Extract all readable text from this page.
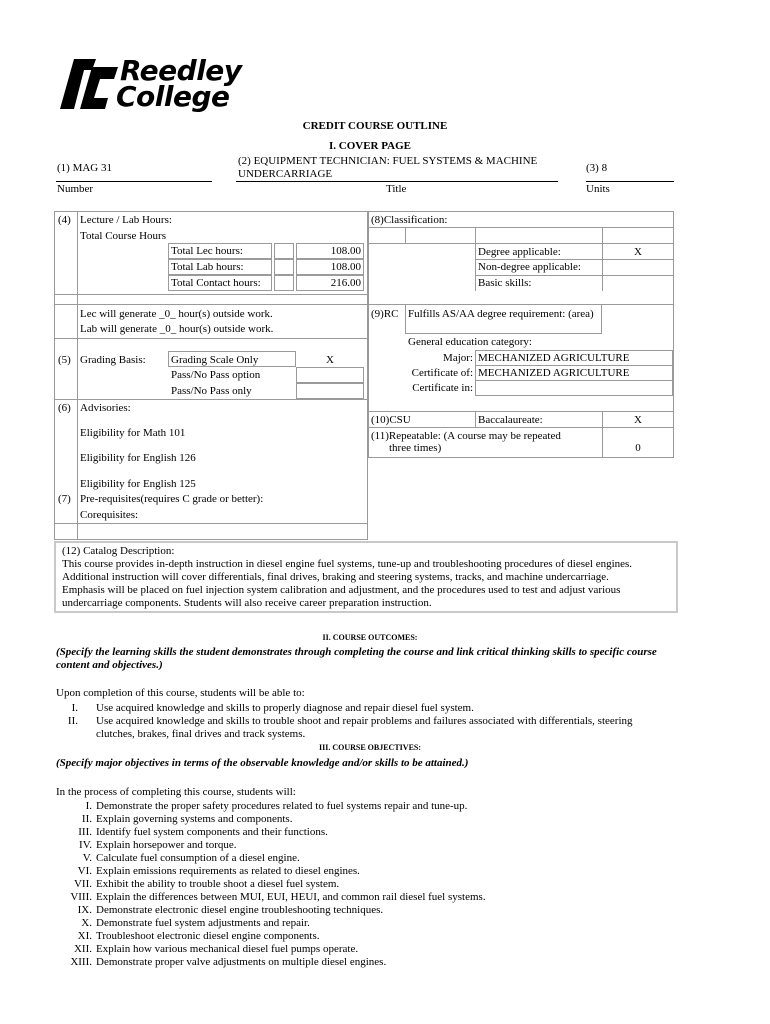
Reedley
College
CREDIT COURSE OUTLINE
I. COVER PAGE
(1) MAG 31
(2) EQUIPMENT TECHNICIAN: FUEL SYSTEMS & MACHINE
UNDERCARRIAGE	(3) 8
Number	Title	Units
(4) Lecture / Lab Hours:
Total Course Hours
Total Lec hours:	108.00
Total Lab hours:	108.00
Total Contact hours:	216.00
Lec will generate _0_ hour(s) outside work.
Lab will generate _0_ hour(s) outside work.
(5) Grading Basis: Grading Scale Only	X
Pass/No Pass option
Pass/No Pass only
(6) Advisories:
Eligibility for Math 101
Eligibility for English 126
Eligibility for English 125
(7) Pre-requisites(requires C grade or better):
Corequisites:
(8)Classification:
Degree applicable:	X
Non-degree applicable:
Basic skills:
(9)RC Fulfills AS/AA degree requirement: (area)
General education category:
Major: MECHANIZED AGRICULTURE
Certificate of: MECHANIZED AGRICULTURE
Certificate in:
(10)CSU	Baccalaureate:	X
(11)Repeatable: (A course may be repeated
three times)	0
(12) Catalog Description:
This course provides in-depth instruction in diesel engine fuel systems, tune-up and troubleshooting procedures of diesel engines.
Additional instruction will cover differentials, final drives, braking and steering systems, tracks, and machine undercarriage.
Emphasis will be placed on fuel injection system calibration and adjustment, and the procedures used to test and adjust various
undercarriage components. Students will also receive career preparation instruction.
II. COURSE OUTCOMES:
(Specify the learning skills the student demonstrates through completing the course and link critical thinking skills to specific course
content and objectives.)
Upon completion of this course, students will be able to:
I. Use acquired knowledge and skills to properly diagnose and repair diesel fuel system.
II. Use acquired knowledge and skills to trouble shoot and repair problems and failures associated with differentials, steering
clutches, brakes, final drives and track systems.
III. COURSE OBJECTIVES:
(Specify major objectives in terms of the observable knowledge and/or skills to be attained.)
In the process of completing this course, students will:
I. Demonstrate the proper safety procedures related to fuel systems repair and tune-up.
II. Explain governing systems and components.
III. Identify fuel system components and their functions.
IV. Explain horsepower and torque.
V. Calculate fuel consumption of a diesel engine.
VI. Explain emissions requirements as related to diesel engines.
VII. Exhibit the ability to trouble shoot a diesel fuel system.
VIII. Explain the differences between MUI, EUI, HEUI, and common rail diesel fuel systems.
IX. Demonstrate electronic diesel engine troubleshooting techniques.
X. Demonstrate fuel system adjustments and repair.
XI. Troubleshoot electronic diesel engine components.
XII. Explain how various mechanical diesel fuel pumps operate.
XIII. Demonstrate proper valve adjustments on multiple diesel engines.
